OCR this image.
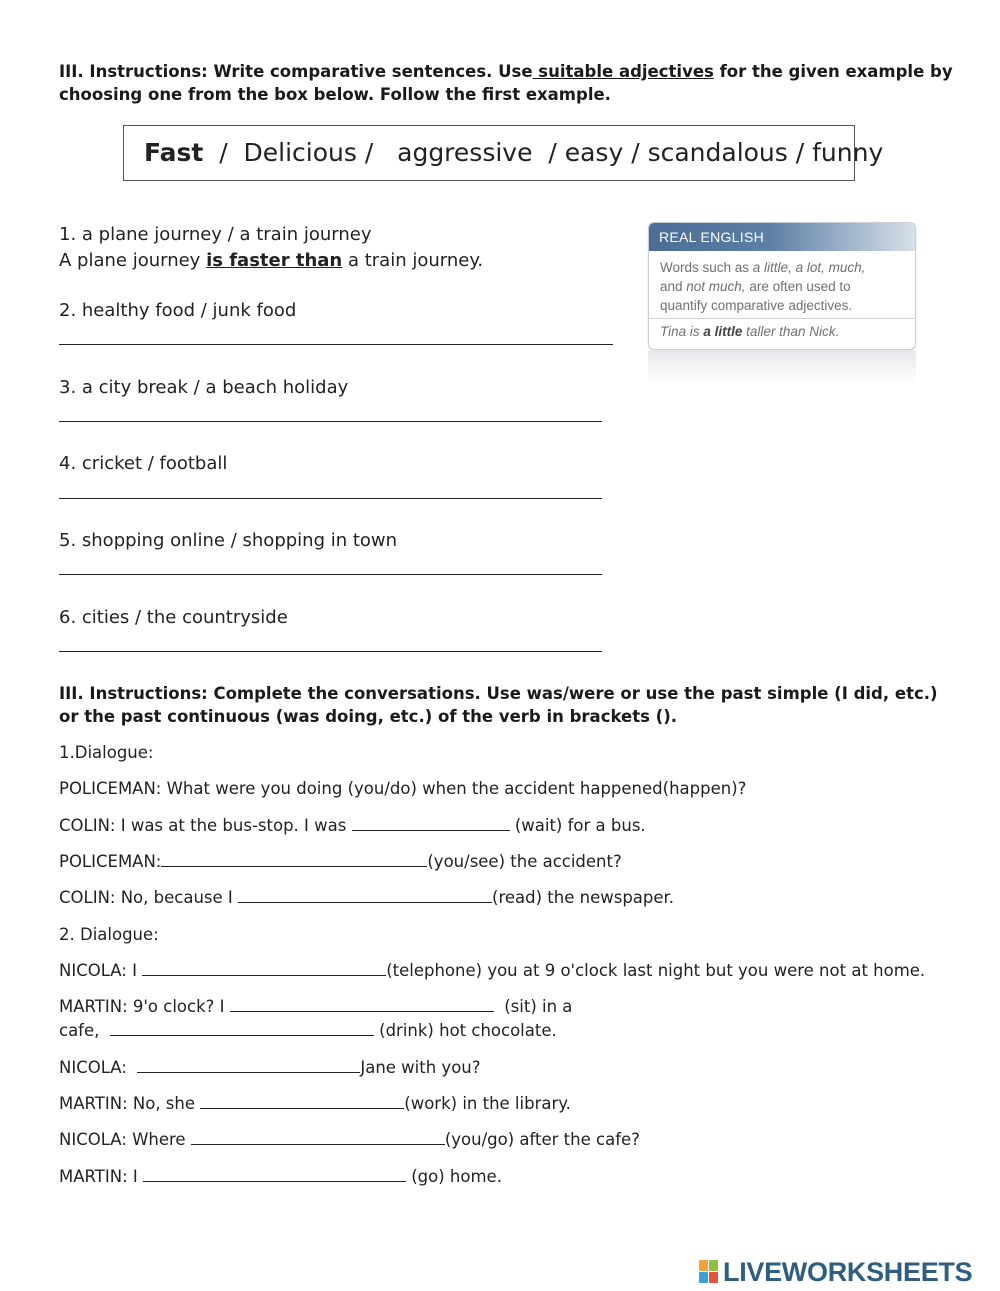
III. Instructions: Write comparative sentences. Use suitable adjectives for the given example by
choosing one from the box below. Follow the first example.
Fast  /  Delicious /   aggressive  / easy / scandalous / funny
1. a plane journey / a train journey
A plane journey is faster than a train journey.
2. healthy food / junk food
3. a city break / a beach holiday
4. cricket / football
5. shopping online / shopping in town
6. cities / the countryside
REAL ENGLISH
Words such as a little, a lot, much,
and not much, are often used to
quantify comparative adjectives.
Tina is a little taller than Nick.
III. Instructions: Complete the conversations. Use was/were or use the past simple (I did, etc.)
or the past continuous (was doing, etc.) of the verb in brackets ().
1.Dialogue:
POLICEMAN: What were you doing (you/do) when the accident happened(happen)?
COLIN: I was at the bus-stop. I was	(wait) for a bus.
POLICEMAN:	(you/see) the accident?
COLIN: No, because I	(read) the newspaper.
2. Dialogue:
NICOLA: I	(telephone) you at 9 o'clock last night but you were not at home.
MARTIN: 9'o clock? I	(sit) in a
cafe,	(drink) hot chocolate.
NICOLA:	Jane with you?
MARTIN: No, she	(work) in the library.
NICOLA: Where	(you/go) after the cafe?
MARTIN: I	(go) home.
LIVEWORKSHEETS
